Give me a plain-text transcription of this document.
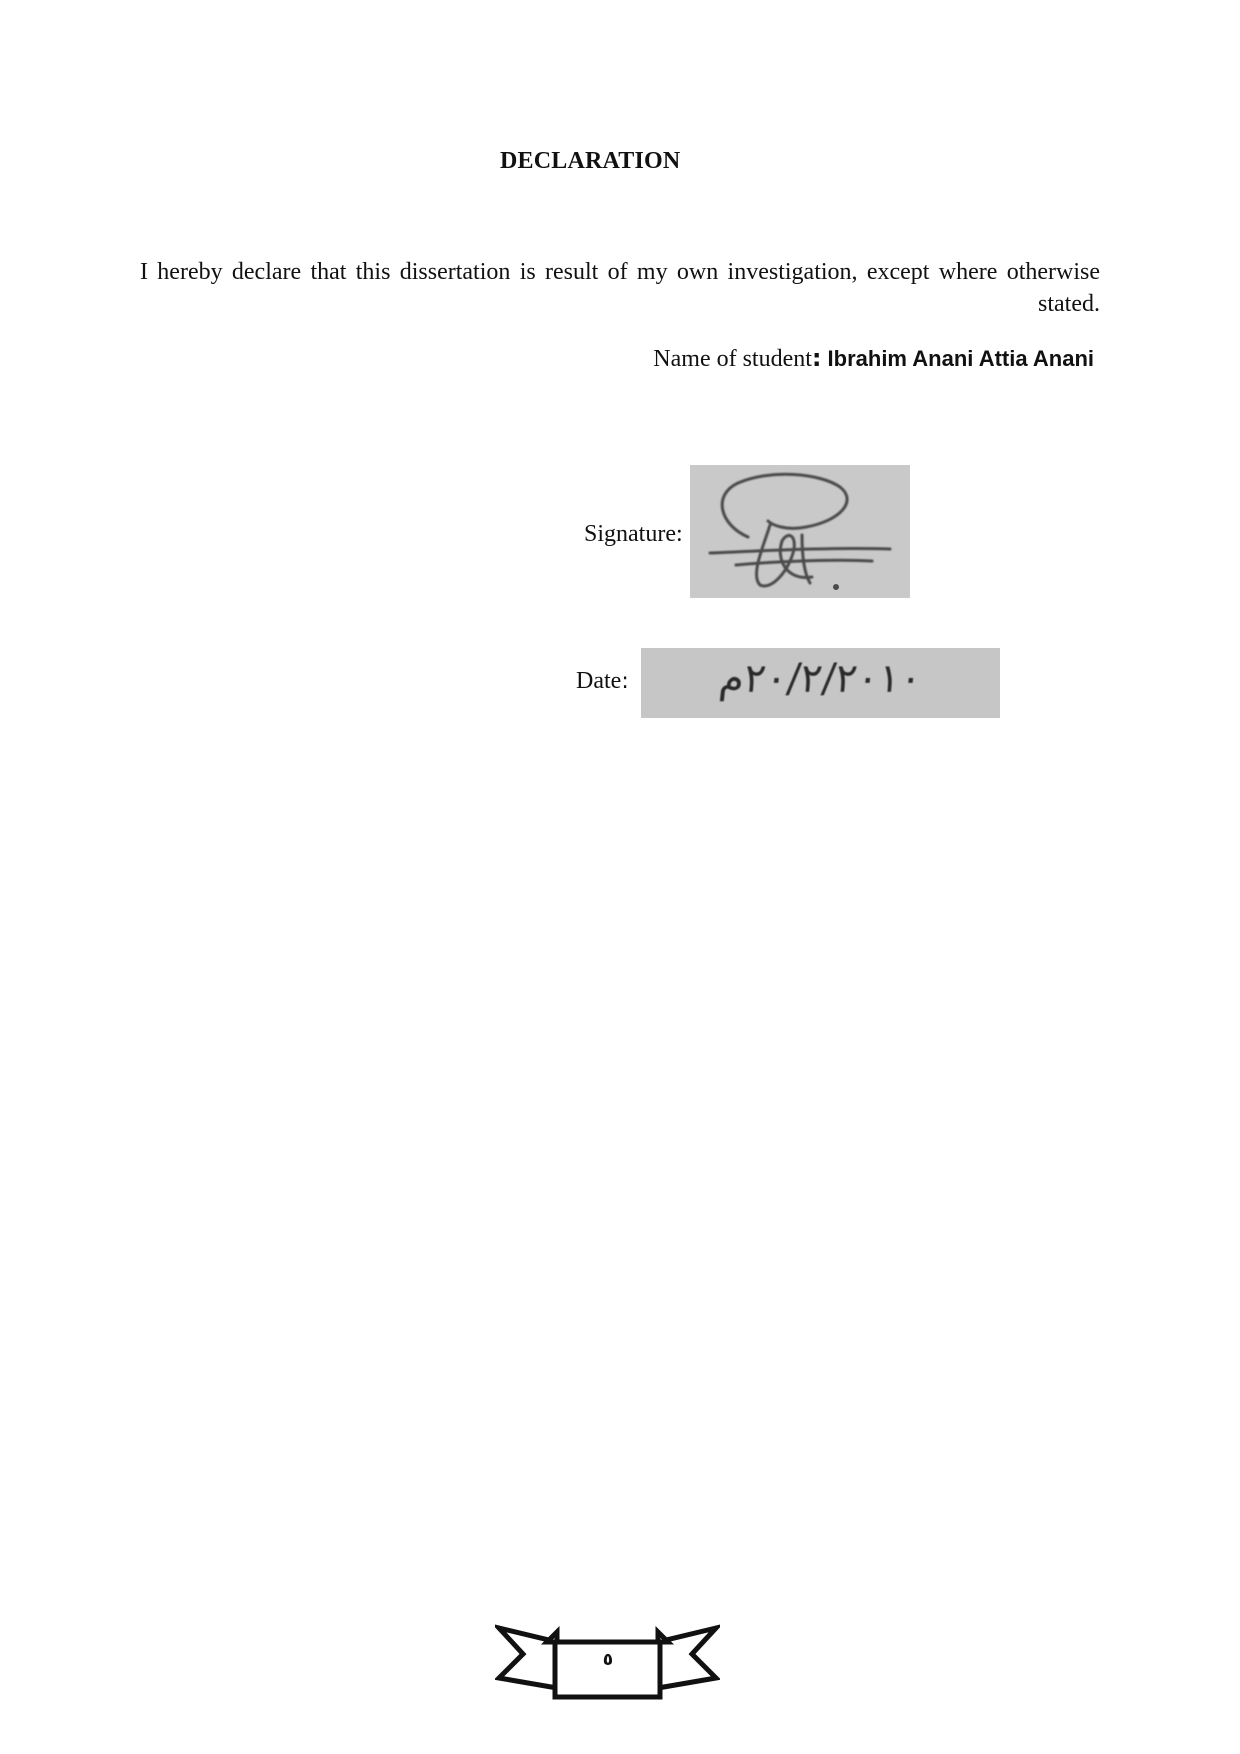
DECLARATION

I hereby declare that this dissertation is result of my own investigation, except where otherwise stated.

Name of student: Ibrahim Anani Attia Anani
Signature:
Date:	٢٠/٢/٢٠١٠م
٥
